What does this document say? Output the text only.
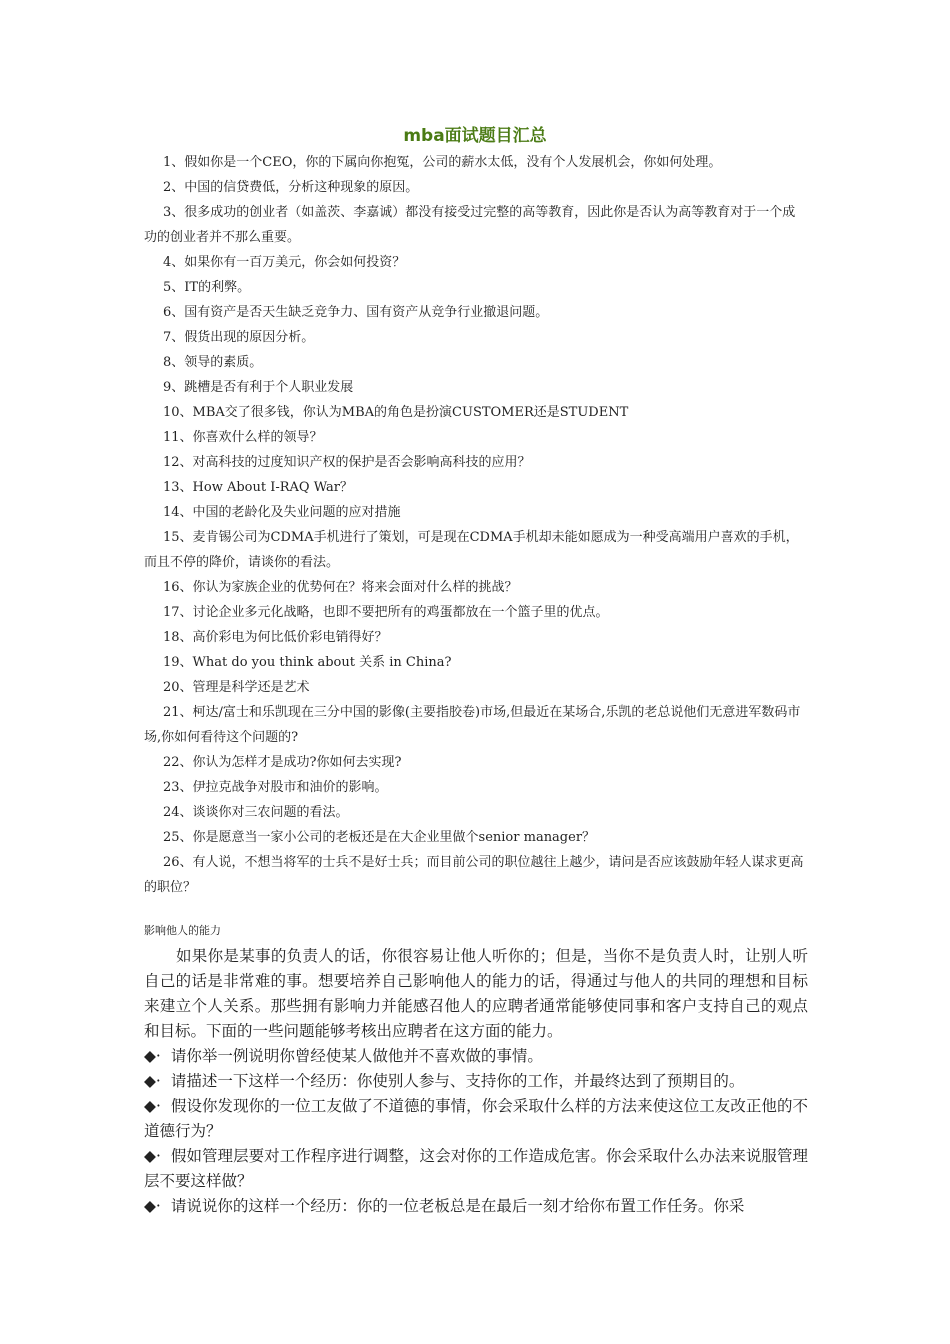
mba面试题目汇总

1、假如你是一个CEO，你的下属向你抱冤，公司的薪水太低，没有个人发展机会，你如何处理。

2、中国的信贷费低，分析这种现象的原因。

3、很多成功的创业者（如盖茨、李嘉诚）都没有接受过完整的高等教育，因此你是否认为高等教育对于一个成功的创业者并不那么重要。

4、如果你有一百万美元，你会如何投资？

5、IT的利弊。

6、国有资产是否天生缺乏竞争力、国有资产从竞争行业撤退问题。

7、假货出现的原因分析。

8、领导的素质。

9、跳槽是否有利于个人职业发展

10、MBA交了很多钱，你认为MBA的角色是扮演CUSTOMER还是STUDENT

11、你喜欢什么样的领导？

12、对高科技的过度知识产权的保护是否会影响高科技的应用？

13、How About I-RAQ War？

14、中国的老龄化及失业问题的应对措施

15、麦肯锡公司为CDMA手机进行了策划，可是现在CDMA手机却未能如愿成为一种受高端用户喜欢的手机，而且不停的降价，请谈你的看法。

16、你认为家族企业的优势何在？将来会面对什么样的挑战？

17、讨论企业多元化战略，也即不要把所有的鸡蛋都放在一个篮子里的优点。

18、高价彩电为何比低价彩电销得好？

19、What do you think about 关系 in China?

20、管理是科学还是艺术

21、柯达/富士和乐凯现在三分中国的影像(主要指胶卷)市场,但最近在某场合,乐凯的老总说他们无意进军数码市场,你如何看待这个问题的?

22、你认为怎样才是成功?你如何去实现?

23、伊拉克战争对股市和油价的影响。

24、谈谈你对三农问题的看法。

25、你是愿意当一家小公司的老板还是在大企业里做个senior manager？

26、有人说，不想当将军的士兵不是好士兵；而目前公司的职位越往上越少，请问是否应该鼓励年轻人谋求更高的职位？

影响他人的能力

如果你是某事的负责人的话，你很容易让他人听你的；但是，当你不是负责人时，让别人听自己的话是非常难的事。想要培养自己影响他人的能力的话，得通过与他人的共同的理想和目标来建立个人关系。那些拥有影响力并能感召他人的应聘者通常能够使同事和客户支持自己的观点和目标。下面的一些问题能够考核出应聘者在这方面的能力。

◆· 请你举一例说明你曾经使某人做他并不喜欢做的事情。

◆· 请描述一下这样一个经历：你使别人参与、支持你的工作，并最终达到了预期目的。

◆· 假设你发现你的一位工友做了不道德的事情，你会采取什么样的方法来使这位工友改正他的不道德行为？

◆· 假如管理层要对工作程序进行调整，这会对你的工作造成危害。你会采取什么办法来说服管理层不要这样做？

◆· 请说说你的这样一个经历：你的一位老板总是在最后一刻才给你布置工作任务。你采
